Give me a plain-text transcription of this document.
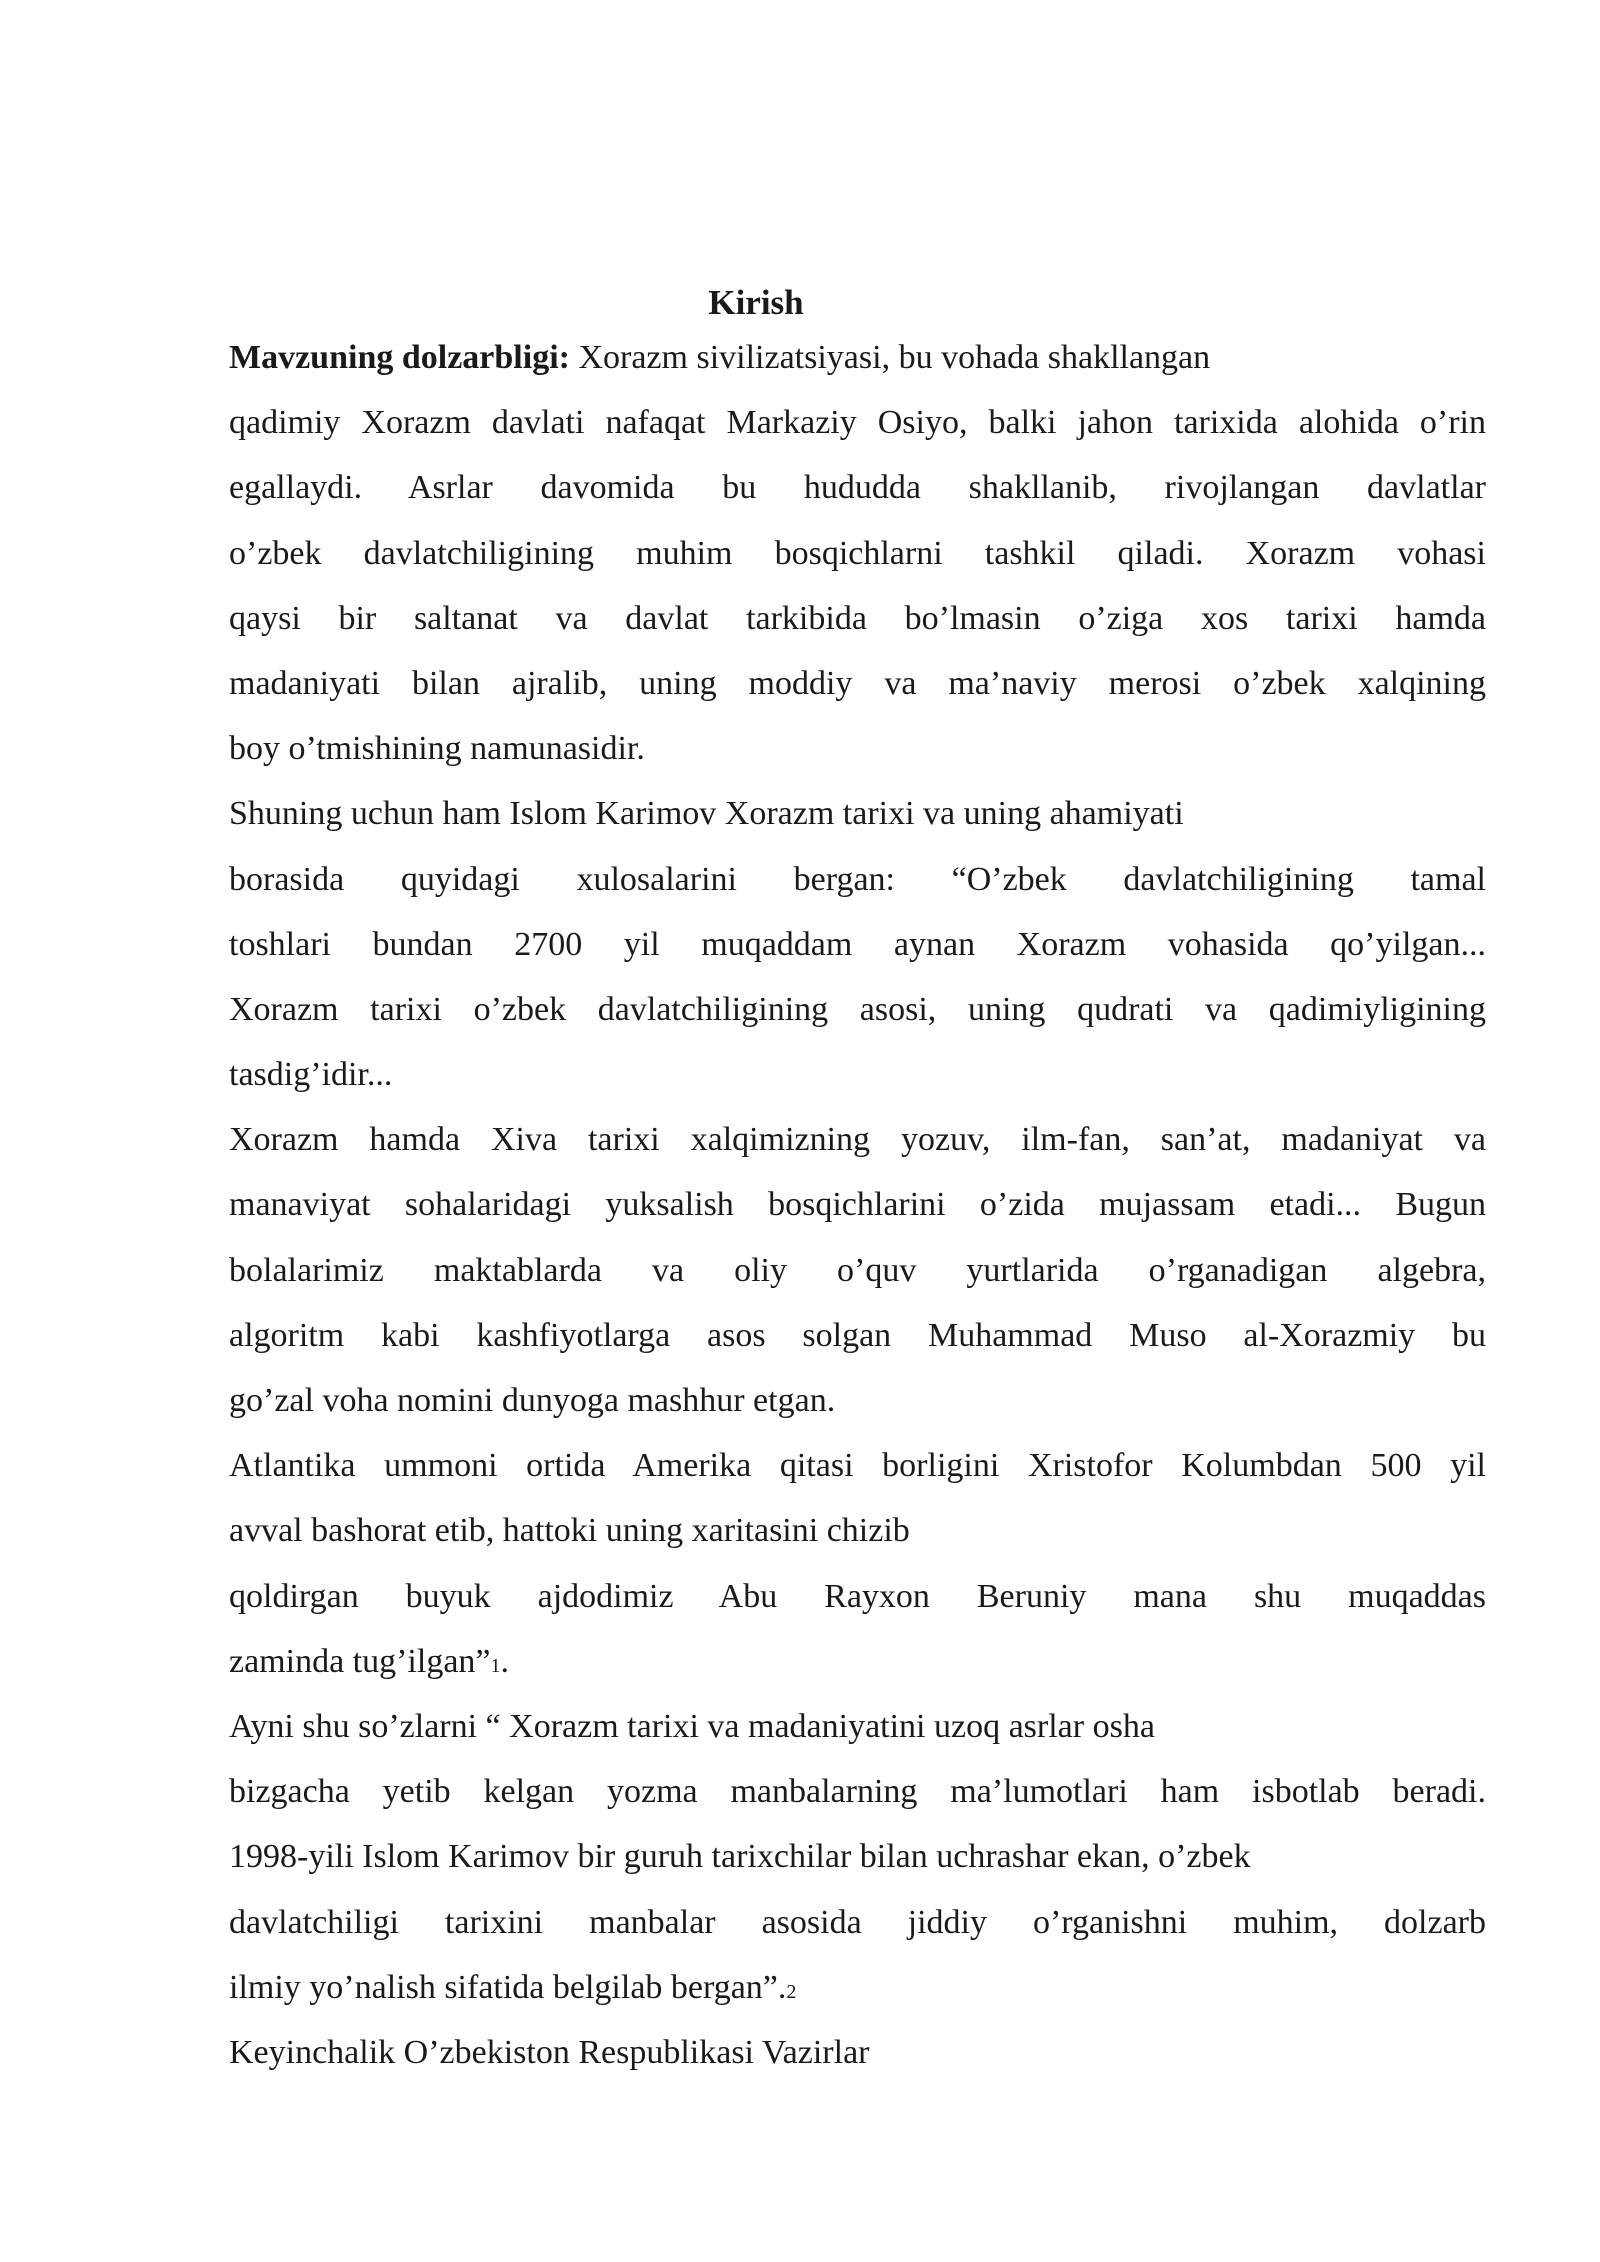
Kirish
Mavzuning dolzarbligi: Xorazm sivilizatsiyasi, bu vohada shakllangan
qadimiy Xorazm davlati nafaqat Markaziy Osiyo, balki jahon tarixida alohida o’rin
egallaydi. Asrlar davomida bu hududda shakllanib, rivojlangan davlatlar
o’zbek davlatchiligining muhim bosqichlarni tashkil qiladi. Xorazm vohasi
qaysi bir saltanat va davlat tarkibida bo’lmasin o’ziga xos tarixi hamda
madaniyati bilan ajralib, uning moddiy va ma’naviy merosi o’zbek xalqining
boy o’tmishining namunasidir.
Shuning uchun ham Islom Karimov Xorazm tarixi va uning ahamiyati
borasida quyidagi xulosalarini bergan: “O’zbek davlatchiligining tamal
toshlari bundan 2700 yil muqaddam aynan Xorazm vohasida qo’yilgan...
Xorazm tarixi o’zbek davlatchiligining asosi, uning qudrati va qadimiyligining
tasdig’idir...
Xorazm hamda Xiva tarixi xalqimizning yozuv, ilm-fan, san’at, madaniyat va
manaviyat sohalaridagi yuksalish bosqichlarini o’zida mujassam etadi... Bugun
bolalarimiz maktablarda va oliy o’quv yurtlarida o’rganadigan algebra,
algoritm kabi kashfiyotlarga asos solgan Muhammad Muso al-Xorazmiy bu
go’zal voha nomini dunyoga mashhur etgan.
Atlantika ummoni ortida Amerika qitasi borligini Xristofor Kolumbdan 500 yil
avval bashorat etib, hattoki uning xaritasini chizib
qoldirgan buyuk ajdodimiz Abu Rayxon Beruniy mana shu muqaddas
zaminda tug’ilgan”1.
Ayni shu so’zlarni “ Xorazm tarixi va madaniyatini uzoq asrlar osha
bizgacha yetib kelgan yozma manbalarning ma’lumotlari ham isbotlab beradi.
1998-yili Islom Karimov bir guruh tarixchilar bilan uchrashar ekan, o’zbek
davlatchiligi tarixini manbalar asosida jiddiy o’rganishni muhim, dolzarb
ilmiy yo’nalish sifatida belgilab bergan”.2
Keyinchalik O’zbekiston Respublikasi Vazirlar
